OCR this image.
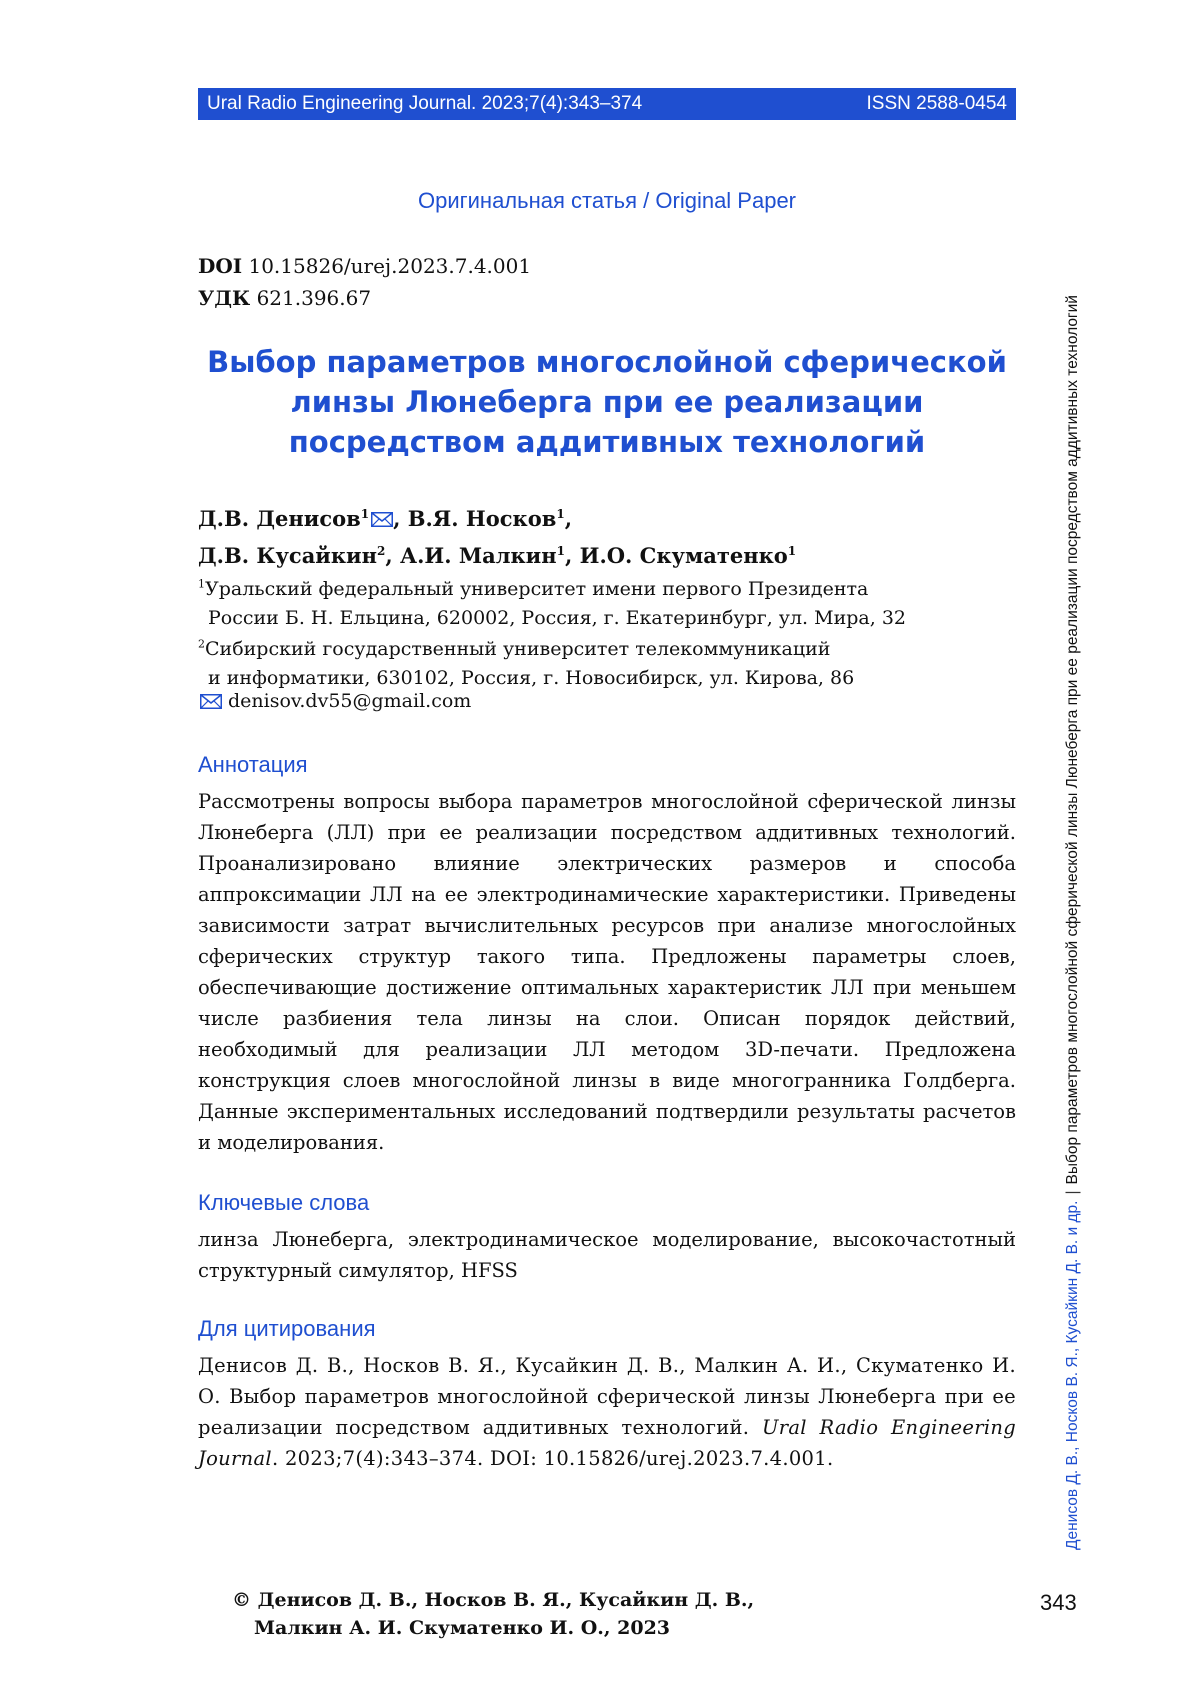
Ural Radio Engineering Journal. 2023;7(4):343–374	ISSN 2588-0454
Оригинальная статья / Original Paper
DOI 10.15826/urej.2023.7.4.001
УДК 621.396.67
Выбор параметров многослойной сферической
линзы Люнеберга при ее реализации
посредством аддитивных технологий
Д.В. Денисов$^1$ , В.Я. Носков$^1$,
Д.В. Кусайкин$^2$, А.И. Малкин$^1$, И.О. Скуматенко$^1$
$^1$Уральский федеральный университет имени первого Президента
России Б. Н. Ельцина, 620002, Россия, г. Екатеринбург, ул. Мира, 32
$^2$Сибирский государственный университет телекоммуникаций
и информатики, 630102, Россия, г. Новосибирск, ул. Кирова, 86
denisov.dv55@gmail.com
Аннотация
Рассмотрены вопросы выбора параметров многослойной сферической линзы Люнеберга (ЛЛ) при ее реализации посредством аддитивных технологий. Проанализировано влияние электрических размеров и способа аппроксимации ЛЛ на ее электродинамические характеристики. Приведены зависимости затрат вычислительных ресурсов при анализе многослойных сферических структур такого типа. Предложены параметры слоев, обеспечивающие достижение оптимальных характеристик ЛЛ при меньшем числе разбиения тела линзы на слои. Описан порядок действий, необходимый для реализации ЛЛ методом 3D-печати. Предложена конструкция слоев многослойной линзы в виде многогранника Голдберга. Данные экспериментальных исследований подтвердили результаты расчетов и моделирования.
Ключевые слова
линза Люнеберга, электродинамическое моделирование, высокочастотный структурный симулятор, HFSS
Для цитирования
Денисов Д. В., Носков В. Я., Кусайкин Д. В., Малкин А. И., Скуматенко И. О. Выбор параметров многослойной сферической линзы Люнеберга при ее реализации посредством аддитивных технологий. Ural Radio Engineering Journal. 2023;7(4):343–374. DOI: 10.15826/urej.2023.7.4.001.
© Денисов Д. В., Носков В. Я., Кусайкин Д. В.,
Малкин А. И. Скуматенко И. О., 2023
343
Денисов Д. В., Носков В. Я., Кусайкин Д. В. и др.|Выбор параметров многослойной сферической линзы Люнеберга при ее реализации посредством аддитивных технологий
